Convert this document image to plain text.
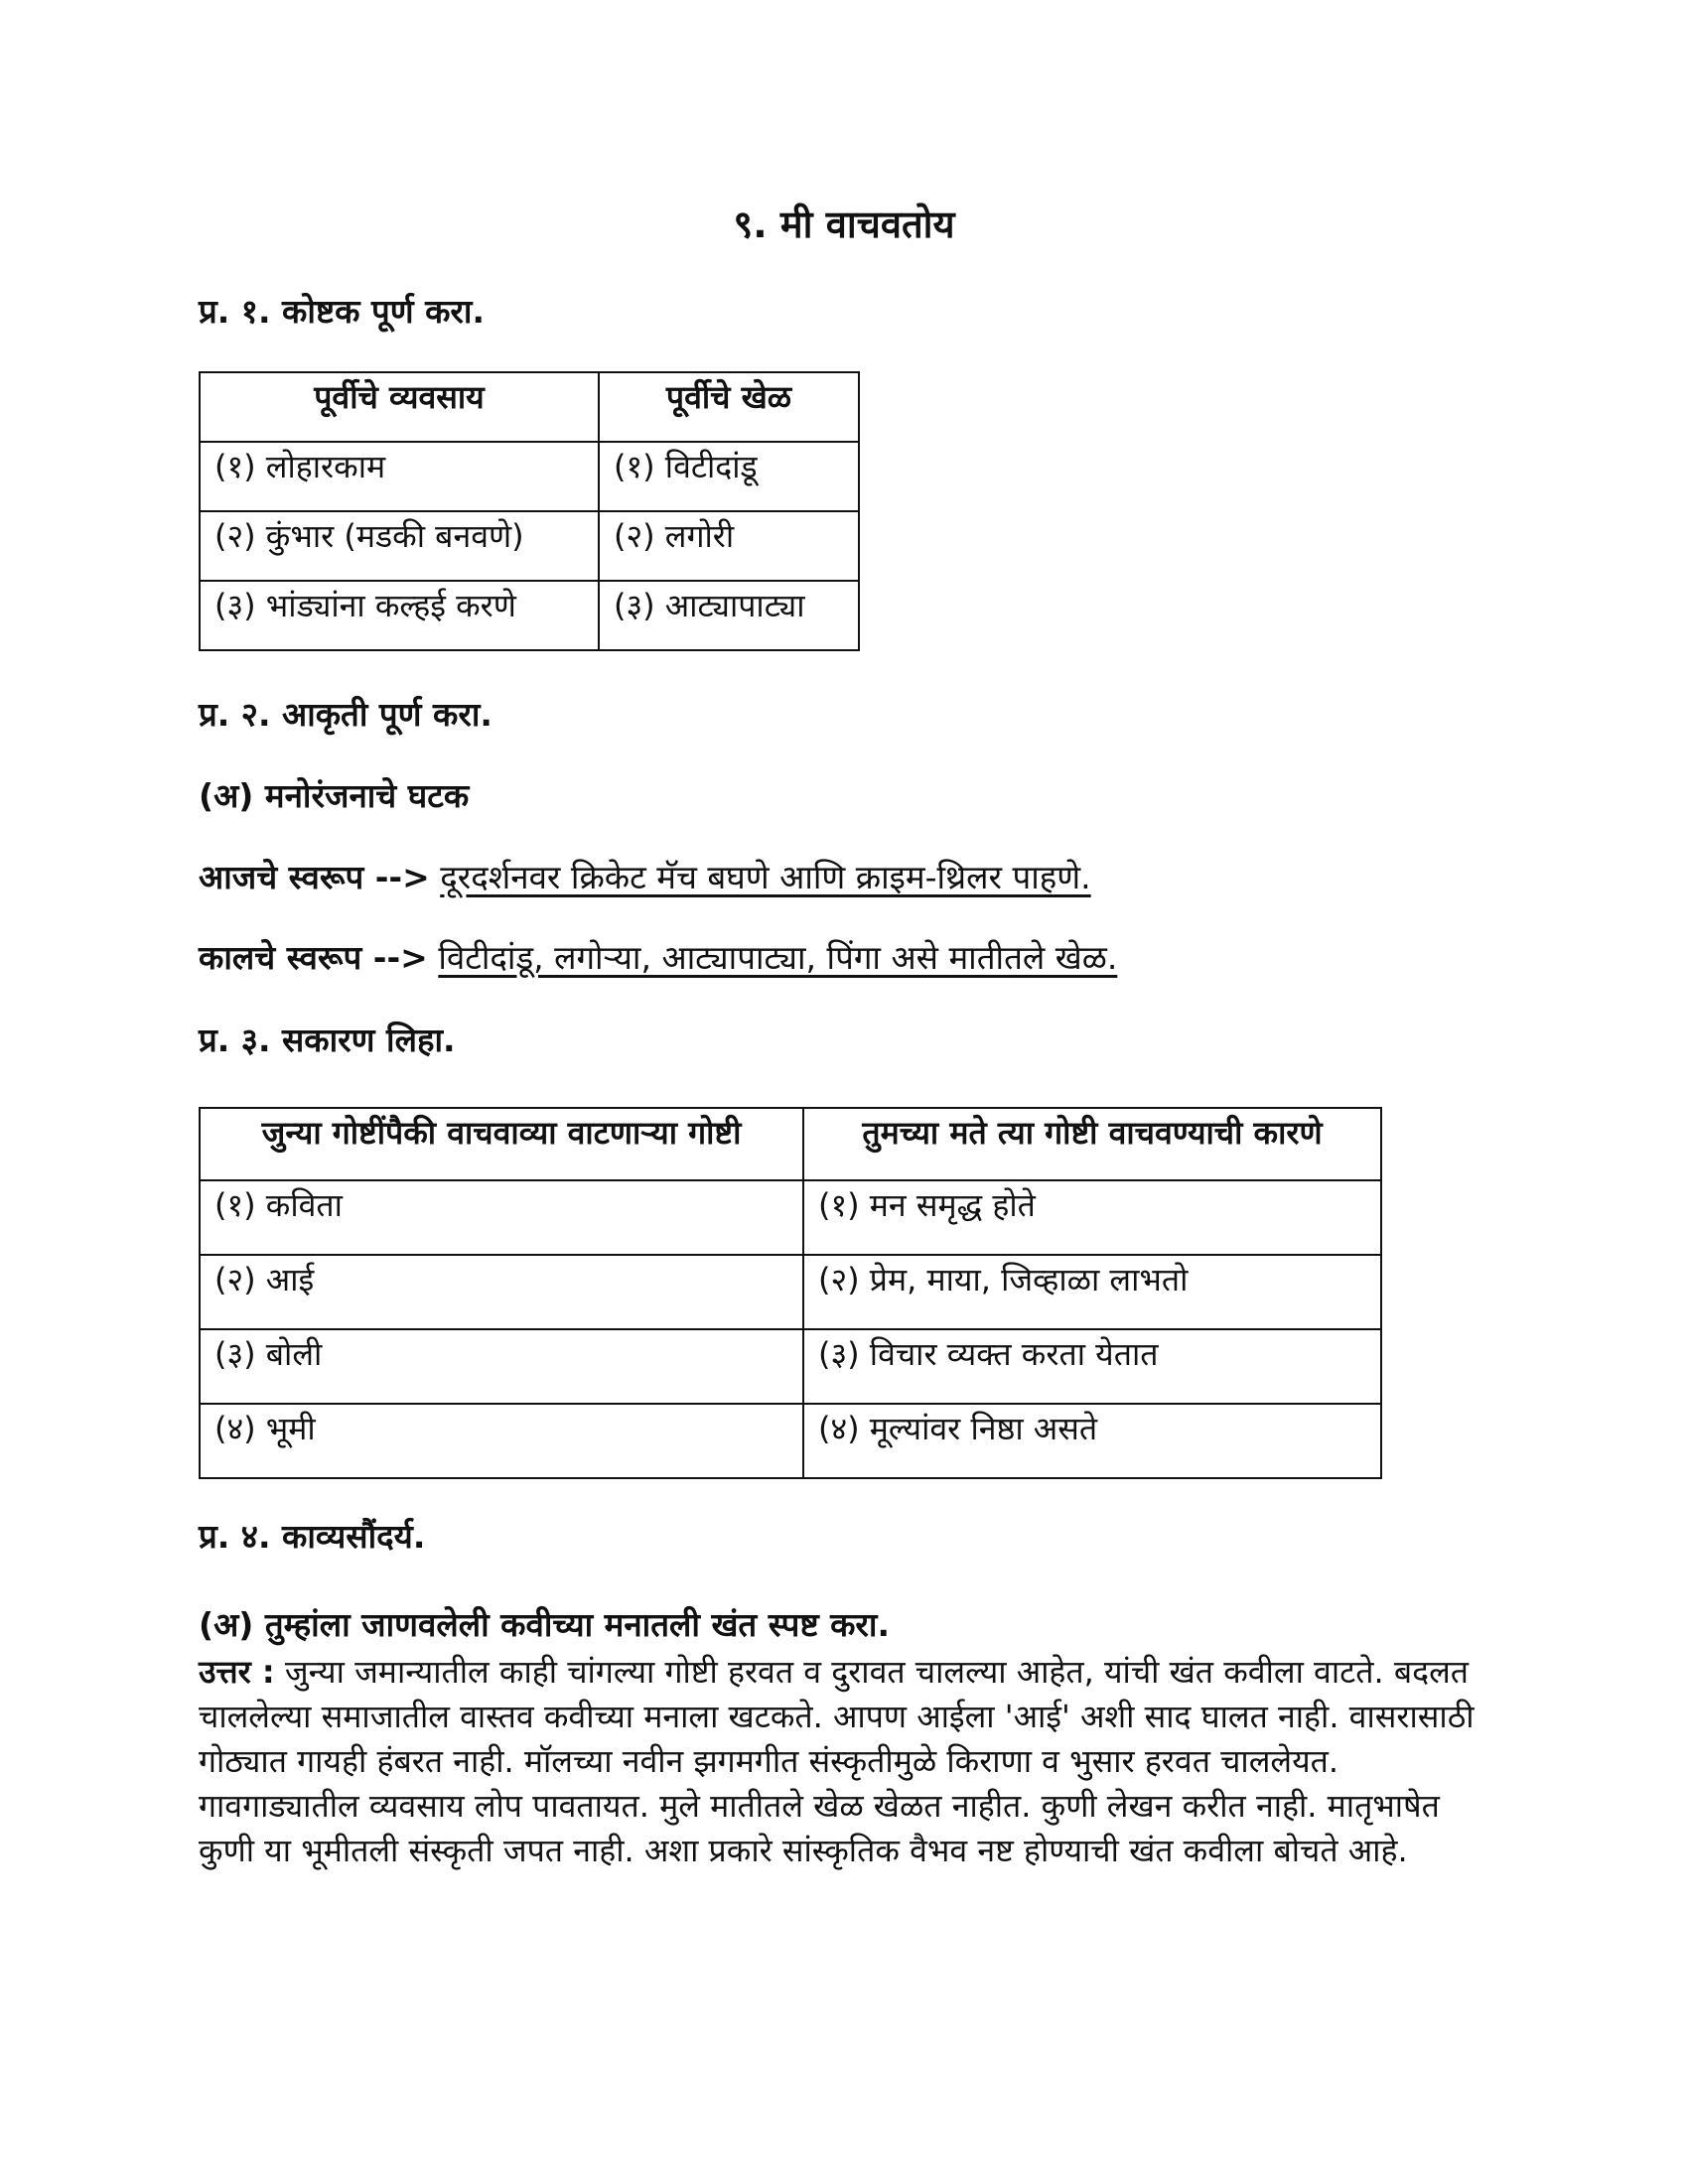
९. मी वाचवतोय
प्र. १. कोष्टक पूर्ण करा.
पूर्वीचे व्यवसाय	पूर्वीचे खेळ
(१) लोहारकाम	(१) विटीदांडू
(२) कुंभार (मडकी बनवणे)	(२) लगोरी
(३) भांड्यांना कल्हई करणे	(३) आट्यापाट्या
प्र. २. आकृती पूर्ण करा.
(अ) मनोरंजनाचे घटक
आजचे स्वरूप --> दूरदर्शनवर क्रिकेट मॅच बघणे आणि क्राइम-थ्रिलर पाहणे.
कालचे स्वरूप --> विटीदांडू, लगोऱ्या, आट्यापाट्या, पिंगा असे मातीतले खेळ.
प्र. ३. सकारण लिहा.
जुन्या गोष्टींपैकी वाचवाव्या वाटणाऱ्या गोष्टी	तुमच्या मते त्या गोष्टी वाचवण्याची कारणे
(१) कविता	(१) मन समृद्ध होते
(२) आई	(२) प्रेम, माया, जिव्हाळा लाभतो
(३) बोली	(३) विचार व्यक्त करता येतात
(४) भूमी	(४) मूल्यांवर निष्ठा असते
प्र. ४. काव्यसौंदर्य.
(अ) तुम्हांला जाणवलेली कवीच्या मनातली खंत स्पष्ट करा.
उत्तर : जुन्या जमान्यातील काही चांगल्या गोष्टी हरवत व दुरावत चालल्या आहेत, यांची खंत कवीला वाटते. बदलत चाललेल्या समाजातील वास्तव कवीच्या मनाला खटकते. आपण आईला 'आई' अशी साद घालत नाही. वासरासाठी गोठ्यात गायही हंबरत नाही. मॉलच्या नवीन झगमगीत संस्कृतीमुळे किराणा व भुसार हरवत चाललेयत. गावगाड्यातील व्यवसाय लोप पावतायत. मुले मातीतले खेळ खेळत नाहीत. कुणी लेखन करीत नाही. मातृभाषेत कुणी या भूमीतली संस्कृती जपत नाही. अशा प्रकारे सांस्कृतिक वैभव नष्ट होण्याची खंत कवीला बोचते आहे.
